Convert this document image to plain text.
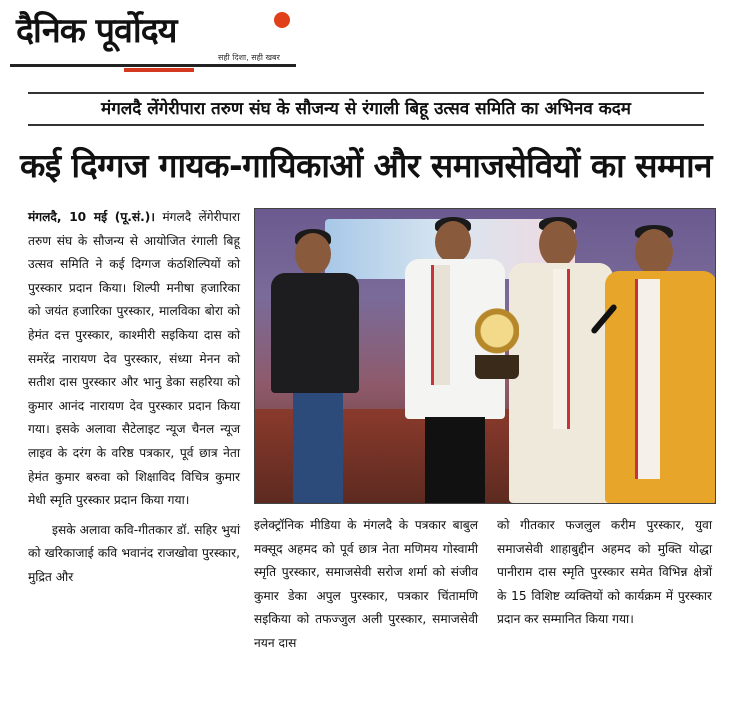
दैनिक पूर्वोदय
सही दिशा, सही खबर
मंगलदै लेंगेरीपारा तरुण संघ के सौजन्य से रंगाली बिहू उत्सव समिति का अभिनव कदम
कई दिग्गज गायक-गायिकाओं और समाजसेवियों का सम्मान

मंगलदै, 10 मई (पू.सं.)। मंगलदै लेंगेरीपारा तरुण संघ के सौजन्य से आयोजित रंगाली बिहू उत्सव समिति ने कई दिग्गज कंठशिल्पियों को पुरस्कार प्रदान किया। शिल्पी मनीषा हजारिका को जयंत हजारिका पुरस्कार, मालविका बोरा को हेमंत दत्त पुरस्कार, काश्मीरी सइकिया दास को समरेंद्र नारायण देव पुरस्कार, संध्या मेनन को सतीश दास पुरस्कार और भानु डेका सहरिया को कुमार आनंद नारायण देव पुरस्कार प्रदान किया गया। इसके अलावा सैटेलाइट न्यूज चैनल न्यूज लाइव के दरंग के वरिष्ठ पत्रकार, पूर्व छात्र नेता हेमंत कुमार बरुवा को शिक्षाविद विचित्र कुमार मेधी स्मृति पुरस्कार प्रदान किया गया।

इसके अलावा कवि-गीतकार डॉ. सहिर भुयां को खरिकाजाई कवि भवानंद राजखोवा पुरस्कार, मुद्रित और

इलेक्ट्रॉनिक मीडिया के मंगलदै के पत्रकार बाबुल मक्सूद अहमद को पूर्व छात्र नेता मणिमय गोस्वामी स्मृति पुरस्कार, समाजसेवी सरोज शर्मा को संजीव कुमार डेका अपुल पुरस्कार, पत्रकार चिंतामणि सइकिया को तफज्जुल अली पुरस्कार, समाजसेवी नयन दास
को गीतकार फजलुल करीम पुरस्कार, युवा समाजसेवी शाहाबुद्दीन अहमद को मुक्ति योद्धा पानीराम दास स्मृति पुरस्कार समेत विभिन्न क्षेत्रों के 15 विशिष्ट व्यक्तियों को कार्यक्रम में पुरस्कार प्रदान कर सम्मानित किया गया।
